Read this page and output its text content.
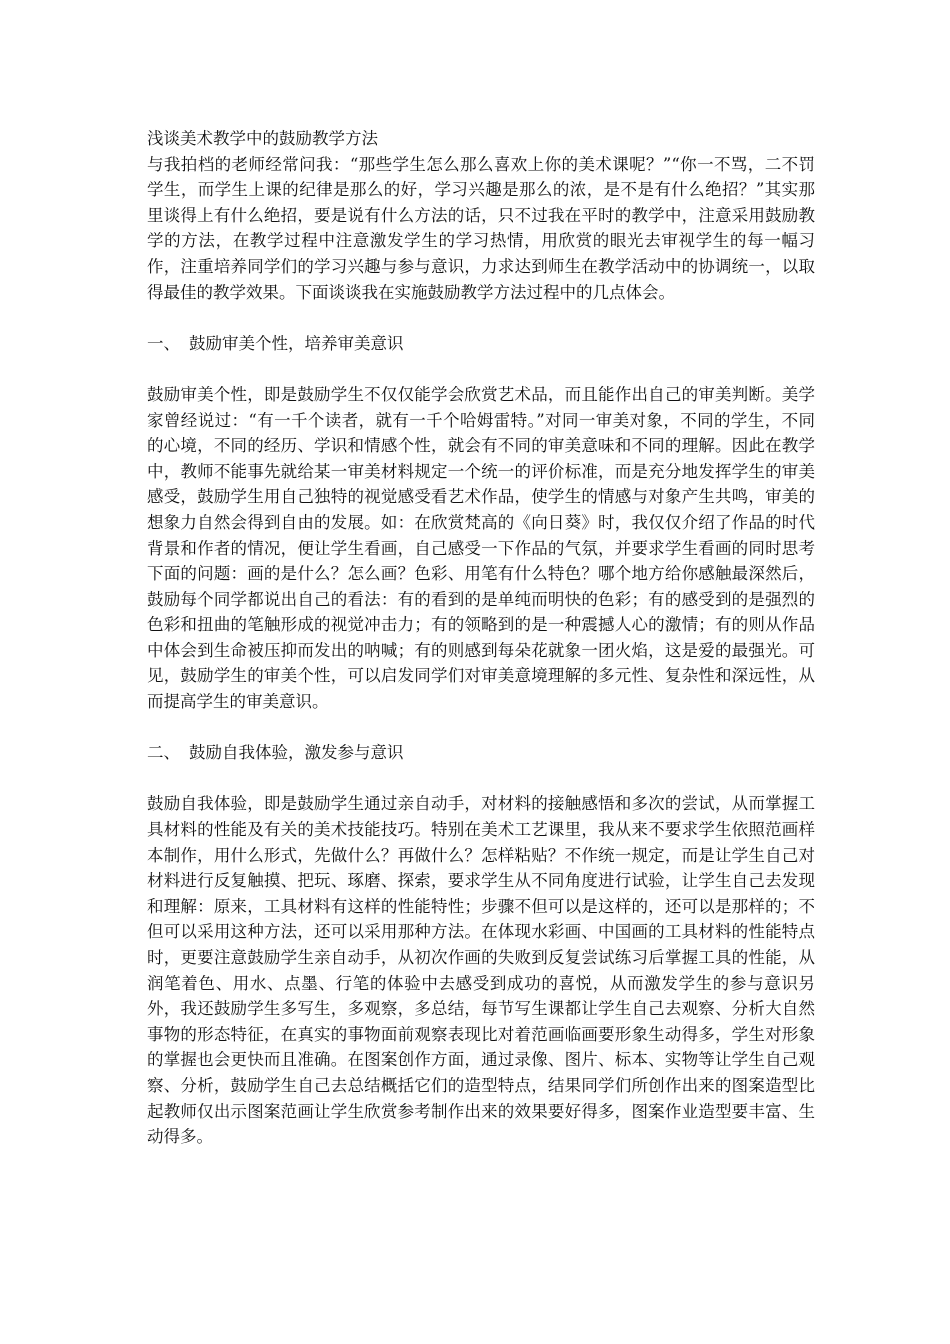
浅谈美术教学中的鼓励教学方法

与我拍档的老师经常问我：“那些学生怎么那么喜欢上你的美术课呢？”“你一不骂，二不罚学生，而学生上课的纪律是那么的好，学习兴趣是那么的浓，是不是有什么绝招？”其实那里谈得上有什么绝招，要是说有什么方法的话，只不过我在平时的教学中，注意采用鼓励教学的方法，在教学过程中注意激发学生的学习热情，用欣赏的眼光去审视学生的每一幅习作，注重培养同学们的学习兴趣与参与意识，力求达到师生在教学活动中的协调统一，以取得最佳的教学效果。下面谈谈我在实施鼓励教学方法过程中的几点体会。

一、 鼓励审美个性，培养审美意识

鼓励审美个性，即是鼓励学生不仅仅能学会欣赏艺术品，而且能作出自己的审美判断。美学家曾经说过：“有一千个读者，就有一千个哈姆雷特。”对同一审美对象，不同的学生，不同的心境，不同的经历、学识和情感个性，就会有不同的审美意味和不同的理解。因此在教学中，教师不能事先就给某一审美材料规定一个统一的评价标准，而是充分地发挥学生的审美感受，鼓励学生用自己独特的视觉感受看艺术作品，使学生的情感与对象产生共鸣，审美的想象力自然会得到自由的发展。如：在欣赏梵高的《向日葵》时，我仅仅介绍了作品的时代背景和作者的情况，便让学生看画，自己感受一下作品的气氛，并要求学生看画的同时思考下面的问题：画的是什么？怎么画？色彩、用笔有什么特色？哪个地方给你感触最深然后，鼓励每个同学都说出自己的看法：有的看到的是单纯而明快的色彩；有的感受到的是强烈的色彩和扭曲的笔触形成的视觉冲击力；有的领略到的是一种震撼人心的激情；有的则从作品中体会到生命被压抑而发出的呐喊；有的则感到每朵花就象一团火焰，这是爱的最强光。可见，鼓励学生的审美个性，可以启发同学们对审美意境理解的多元性、复杂性和深远性，从而提高学生的审美意识。

二、 鼓励自我体验，激发参与意识

鼓励自我体验，即是鼓励学生通过亲自动手，对材料的接触感悟和多次的尝试，从而掌握工具材料的性能及有关的美术技能技巧。特别在美术工艺课里，我从来不要求学生依照范画样本制作，用什么形式，先做什么？再做什么？怎样粘贴？不作统一规定，而是让学生自己对材料进行反复触摸、把玩、琢磨、探索，要求学生从不同角度进行试验，让学生自己去发现和理解：原来，工具材料有这样的性能特性；步骤不但可以是这样的，还可以是那样的；不但可以采用这种方法，还可以采用那种方法。在体现水彩画、中国画的工具材料的性能特点时，更要注意鼓励学生亲自动手，从初次作画的失败到反复尝试练习后掌握工具的性能，从润笔着色、用水、点墨、行笔的体验中去感受到成功的喜悦，从而激发学生的参与意识另外，我还鼓励学生多写生，多观察，多总结，每节写生课都让学生自己去观察、分析大自然事物的形态特征，在真实的事物面前观察表现比对着范画临画要形象生动得多，学生对形象的掌握也会更快而且准确。在图案创作方面，通过录像、图片、标本、实物等让学生自己观察、分析，鼓励学生自己去总结概括它们的造型特点，结果同学们所创作出来的图案造型比起教师仅出示图案范画让学生欣赏参考制作出来的效果要好得多，图案作业造型要丰富、生动得多。
